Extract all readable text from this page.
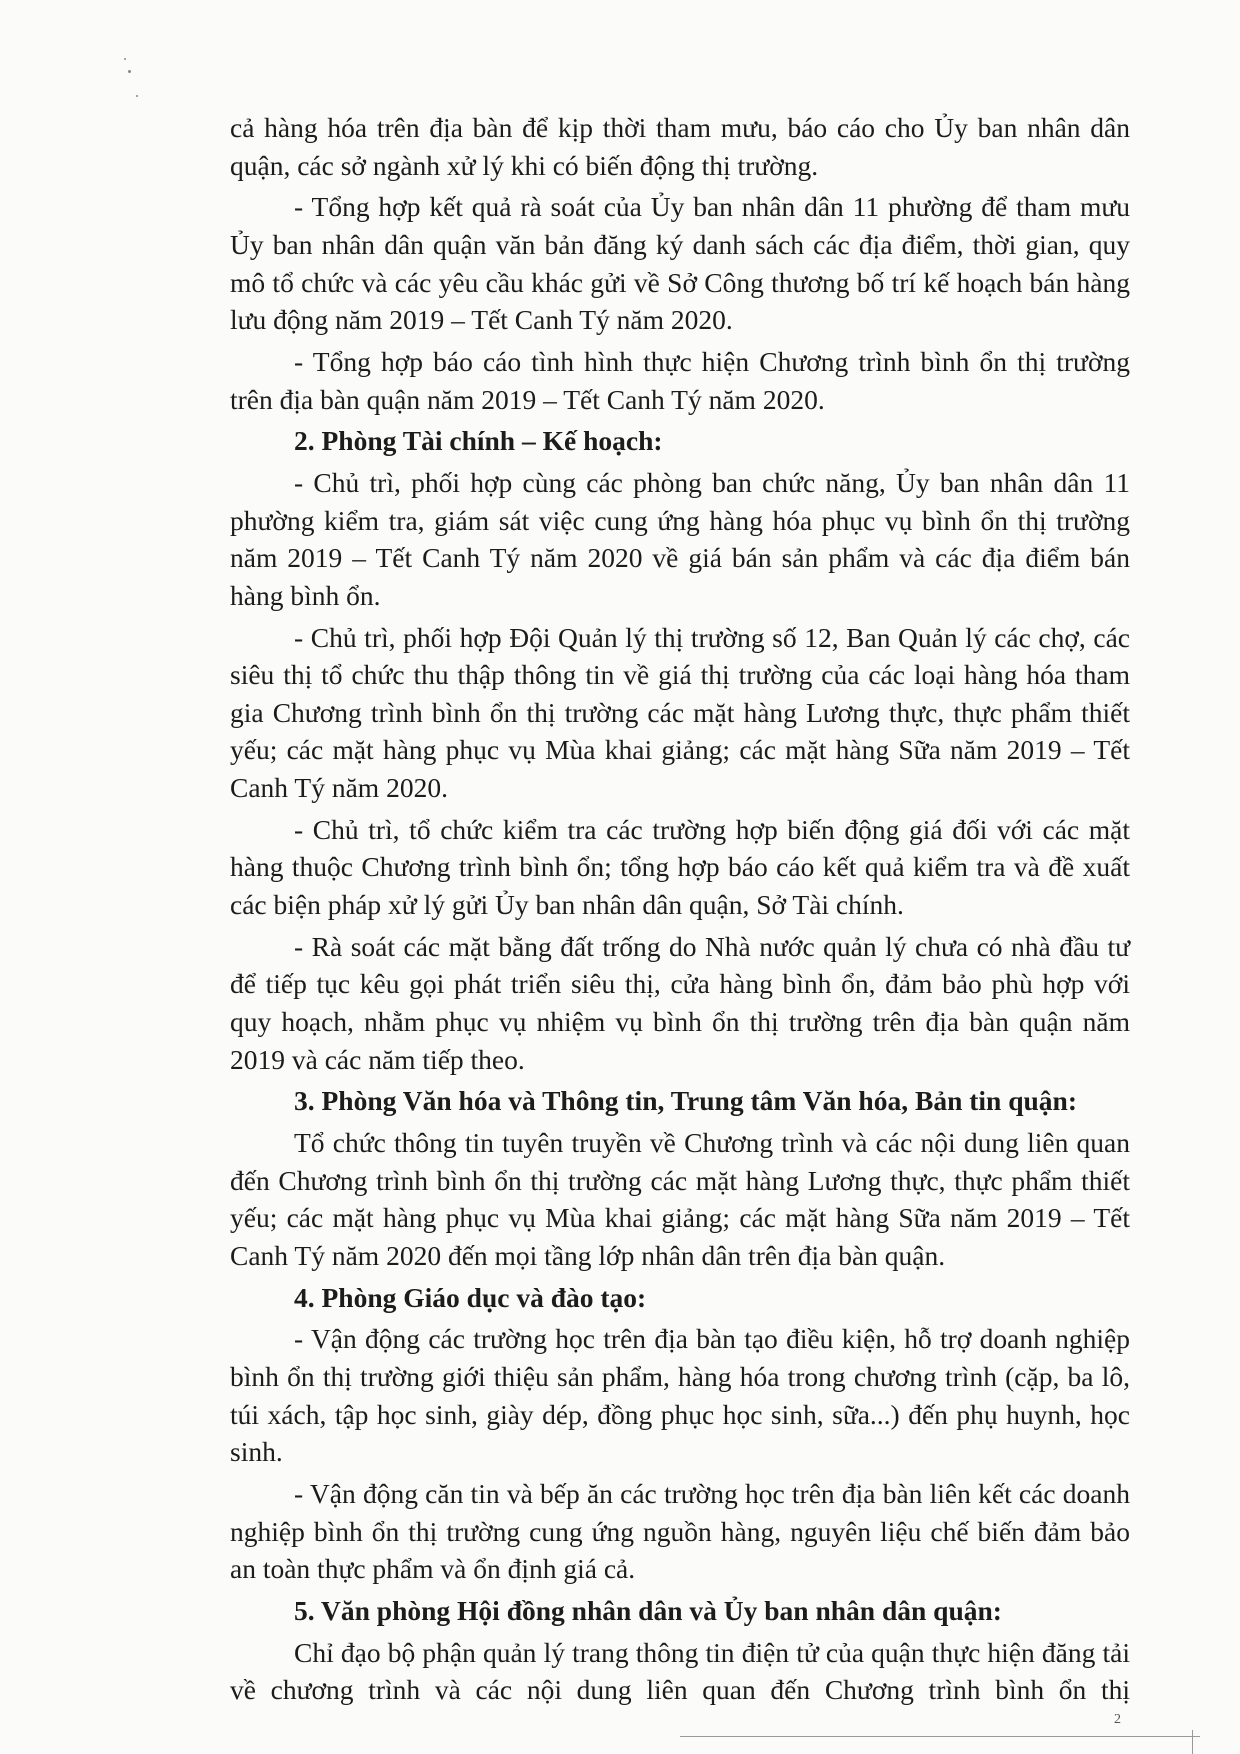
cả hàng hóa trên địa bàn để kịp thời tham mưu, báo cáo cho Ủy ban nhân dân quận, các sở ngành xử lý khi có biến động thị trường.

- Tổng hợp kết quả rà soát của Ủy ban nhân dân 11 phường để tham mưu Ủy ban nhân dân quận văn bản đăng ký danh sách các địa điểm, thời gian, quy mô tổ chức và các yêu cầu khác gửi về Sở Công thương bố trí kế hoạch bán hàng lưu động năm 2019 – Tết Canh Tý năm 2020.

- Tổng hợp báo cáo tình hình thực hiện Chương trình bình ổn thị trường trên địa bàn quận năm 2019 – Tết Canh Tý năm 2020.

2. Phòng Tài chính – Kế hoạch:

- Chủ trì, phối hợp cùng các phòng ban chức năng, Ủy ban nhân dân 11 phường kiểm tra, giám sát việc cung ứng hàng hóa phục vụ bình ổn thị trường năm 2019 – Tết Canh Tý năm 2020 về giá bán sản phẩm và các địa điểm bán hàng bình ổn.

- Chủ trì, phối hợp Đội Quản lý thị trường số 12, Ban Quản lý các chợ, các siêu thị tổ chức thu thập thông tin về giá thị trường của các loại hàng hóa tham gia Chương trình bình ổn thị trường các mặt hàng Lương thực, thực phẩm thiết yếu; các mặt hàng phục vụ Mùa khai giảng; các mặt hàng Sữa năm 2019 – Tết Canh Tý năm 2020.

- Chủ trì, tổ chức kiểm tra các trường hợp biến động giá đối với các mặt hàng thuộc Chương trình bình ổn; tổng hợp báo cáo kết quả kiểm tra và đề xuất các biện pháp xử lý gửi Ủy ban nhân dân quận, Sở Tài chính.

- Rà soát các mặt bằng đất trống do Nhà nước quản lý chưa có nhà đầu tư để tiếp tục kêu gọi phát triển siêu thị, cửa hàng bình ổn, đảm bảo phù hợp với quy hoạch, nhằm phục vụ nhiệm vụ bình ổn thị trường trên địa bàn quận năm 2019 và các năm tiếp theo.

3. Phòng Văn hóa và Thông tin, Trung tâm Văn hóa, Bản tin quận:

Tổ chức thông tin tuyên truyền về Chương trình và các nội dung liên quan đến Chương trình bình ổn thị trường các mặt hàng Lương thực, thực phẩm thiết yếu; các mặt hàng phục vụ Mùa khai giảng; các mặt hàng Sữa năm 2019 – Tết Canh Tý năm 2020 đến mọi tầng lớp nhân dân trên địa bàn quận.

4. Phòng Giáo dục và đào tạo:

- Vận động các trường học trên địa bàn tạo điều kiện, hỗ trợ doanh nghiệp bình ổn thị trường giới thiệu sản phẩm, hàng hóa trong chương trình (cặp, ba lô, túi xách, tập học sinh, giày dép, đồng phục học sinh, sữa...) đến phụ huynh, học sinh.

- Vận động căn tin và bếp ăn các trường học trên địa bàn liên kết các doanh nghiệp bình ổn thị trường cung ứng nguồn hàng, nguyên liệu chế biến đảm bảo an toàn thực phẩm và ổn định giá cả.

5. Văn phòng Hội đồng nhân dân và Ủy ban nhân dân quận:

Chỉ đạo bộ phận quản lý trang thông tin điện tử của quận thực hiện đăng tải về chương trình và các nội dung liên quan đến Chương trình bình ổn thị

2
